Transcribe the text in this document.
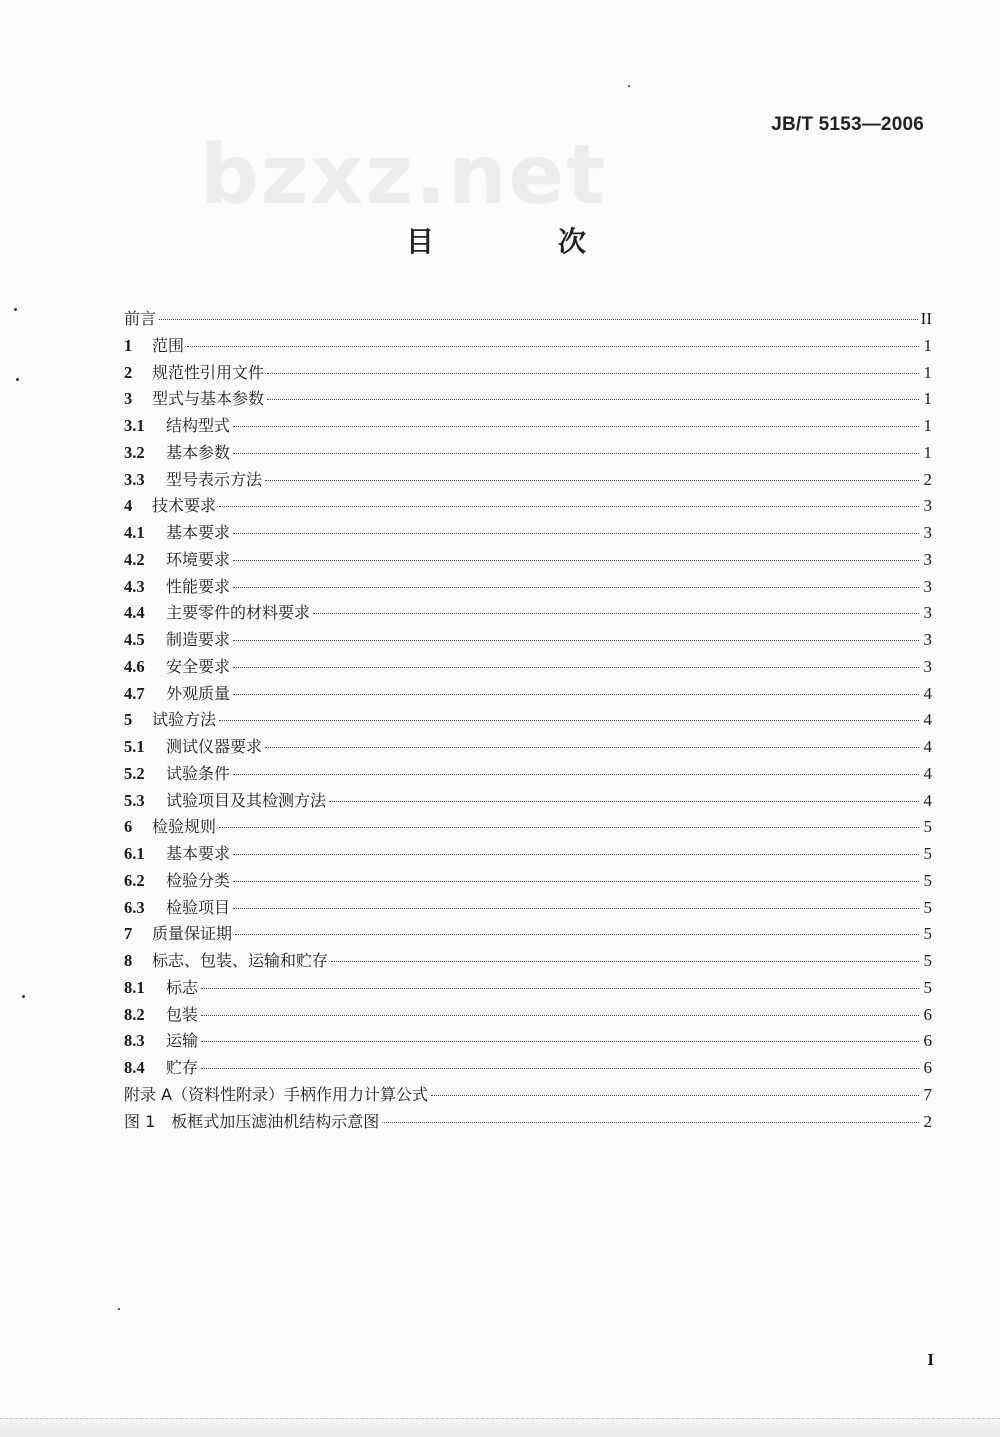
bzxz.net
JB/T 5153—2006
目　次
前言	II
1	范围	1
2	规范性引用文件	1
3	型式与基本参数	1
3.1	结构型式	1
3.2	基本参数	1
3.3	型号表示方法	2
4	技术要求	3
4.1	基本要求	3
4.2	环境要求	3
4.3	性能要求	3
4.4	主要零件的材料要求	3
4.5	制造要求	3
4.6	安全要求	3
4.7	外观质量	4
5	试验方法	4
5.1	测试仪器要求	4
5.2	试验条件	4
5.3	试验项目及其检测方法	4
6	检验规则	5
6.1	基本要求	5
6.2	检验分类	5
6.3	检验项目	5
7	质量保证期	5
8	标志、包装、运输和贮存	5
8.1	标志	5
8.2	包装	6
8.3	运输	6
8.4	贮存	6
附录 A（资料性附录）手柄作用力计算公式	7
图 1　板框式加压滤油机结构示意图	2
I
